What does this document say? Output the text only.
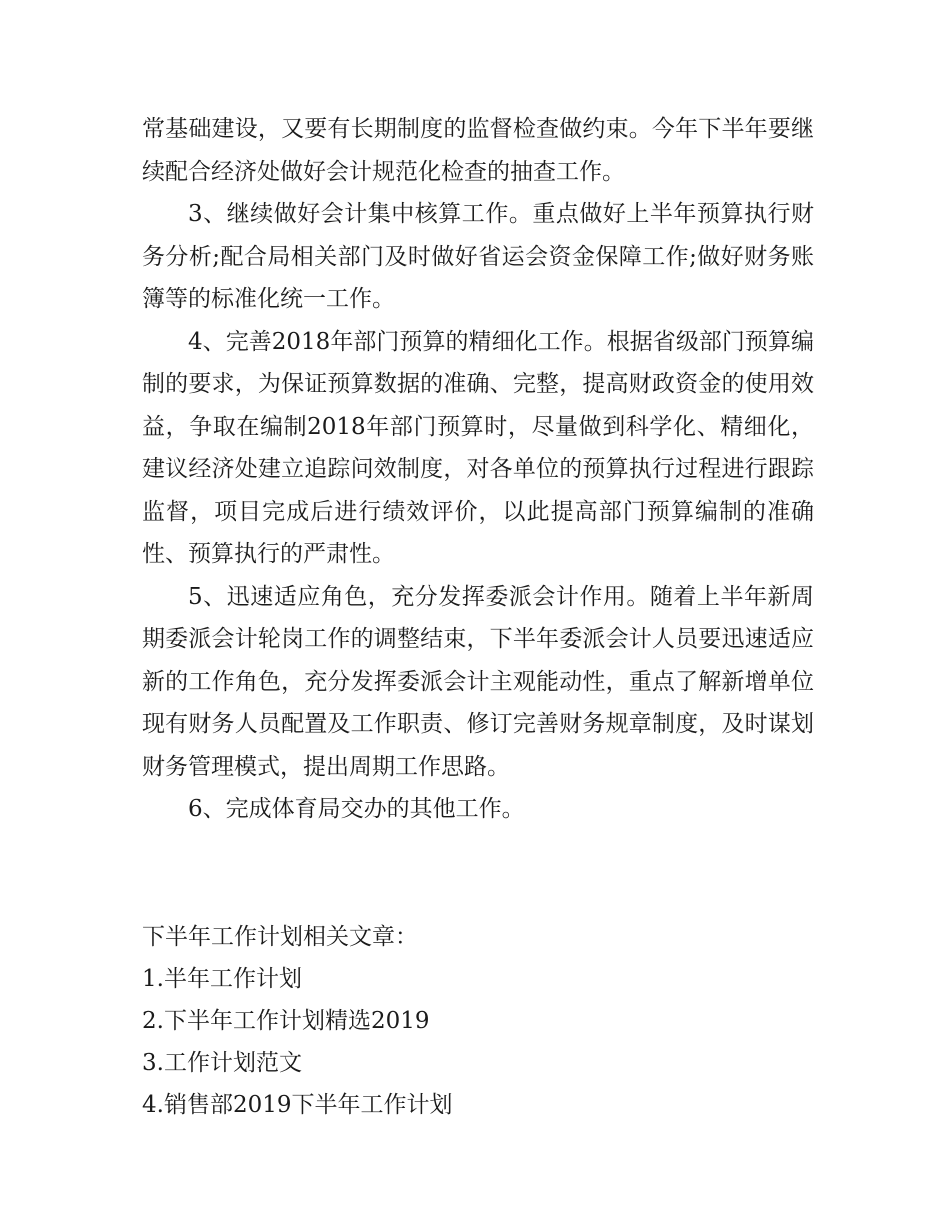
常基础建设，又要有长期制度的监督检查做约束。今年下半年要继续配合经济处做好会计规范化检查的抽查工作。

3、继续做好会计集中核算工作。重点做好上半年预算执行财务分析;配合局相关部门及时做好省运会资金保障工作;做好财务账簿等的标准化统一工作。

4、完善2018年部门预算的精细化工作。根据省级部门预算编制的要求，为保证预算数据的准确、完整，提高财政资金的使用效益，争取在编制2018年部门预算时，尽量做到科学化、精细化，建议经济处建立追踪问效制度，对各单位的预算执行过程进行跟踪监督，项目完成后进行绩效评价，以此提高部门预算编制的准确性、预算执行的严肃性。

5、迅速适应角色，充分发挥委派会计作用。随着上半年新周期委派会计轮岗工作的调整结束，下半年委派会计人员要迅速适应新的工作角色，充分发挥委派会计主观能动性，重点了解新增单位现有财务人员配置及工作职责、修订完善财务规章制度，及时谋划财务管理模式，提出周期工作思路。

6、完成体育局交办的其他工作。

下半年工作计划相关文章：

1.半年工作计划

2.下半年工作计划精选2019

3.工作计划范文

4.销售部2019下半年工作计划
